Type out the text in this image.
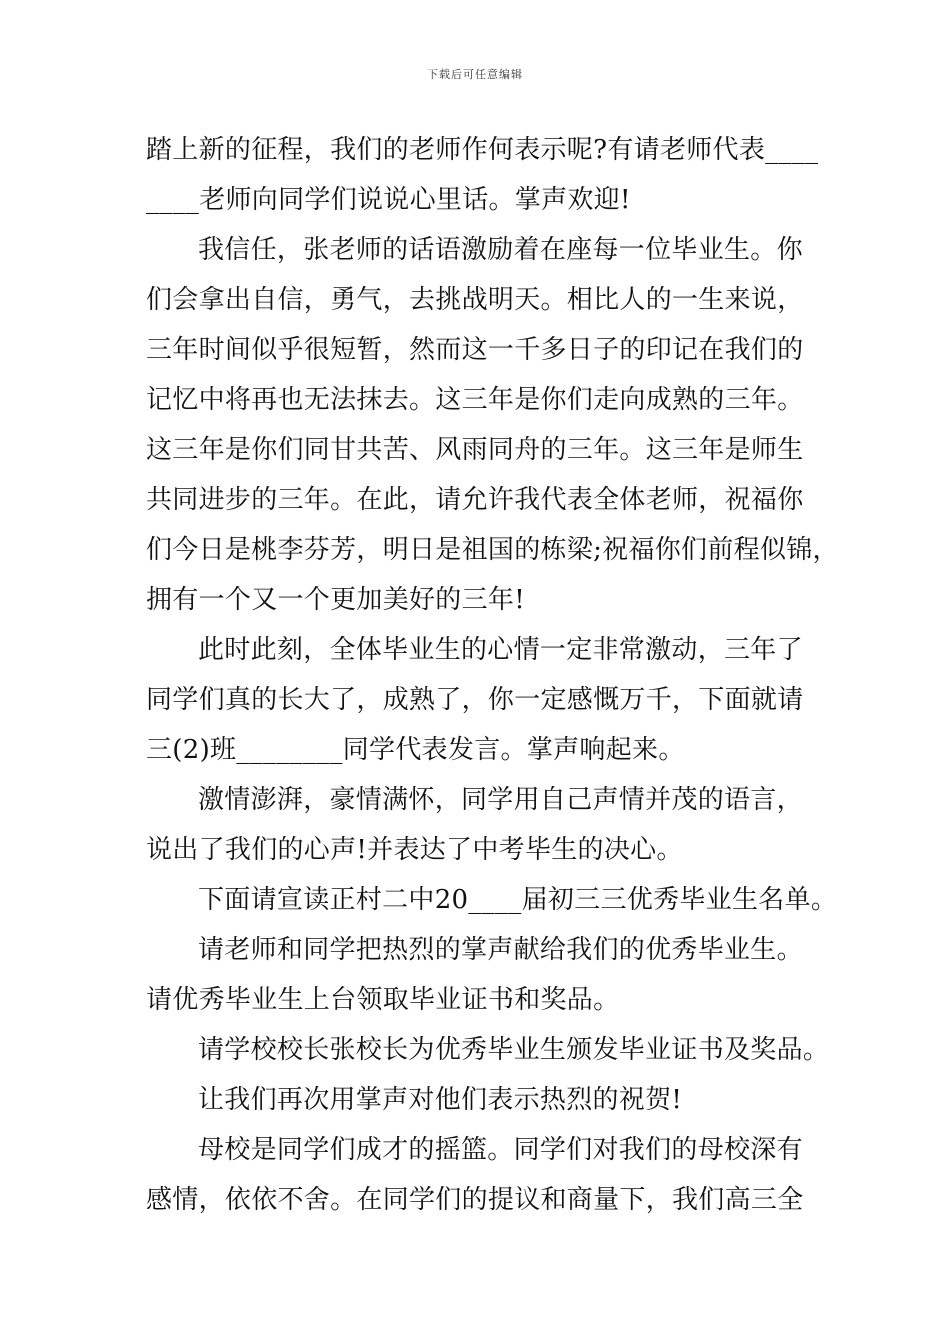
下载后可任意编辑
踏上新的征程，我们的老师作何表示呢?有请老师代表____
____老师向同学们说说心里话。掌声欢迎!
我信任，张老师的话语激励着在座每一位毕业生。你
们会拿出自信，勇气，去挑战明天。相比人的一生来说，
三年时间似乎很短暂，然而这一千多日子的印记在我们的
记忆中将再也无法抹去。这三年是你们走向成熟的三年。
这三年是你们同甘共苦、风雨同舟的三年。这三年是师生
共同进步的三年。在此，请允许我代表全体老师，祝福你
们今日是桃李芬芳，明日是祖国的栋梁;祝福你们前程似锦，
拥有一个又一个更加美好的三年!
此时此刻，全体毕业生的心情一定非常激动，三年了
同学们真的长大了，成熟了，你一定感慨万千，下面就请
三(2)班________同学代表发言。掌声响起来。
激情澎湃，豪情满怀，同学用自己声情并茂的语言，
说出了我们的心声!并表达了中考毕生的决心。
下面请宣读正村二中20____届初三三优秀毕业生名单。
请老师和同学把热烈的掌声献给我们的优秀毕业生。
请优秀毕业生上台领取毕业证书和奖品。
请学校校长张校长为优秀毕业生颁发毕业证书及奖品。
让我们再次用掌声对他们表示热烈的祝贺!
母校是同学们成才的摇篮。同学们对我们的母校深有
感情，依依不舍。在同学们的提议和商量下，我们高三全
